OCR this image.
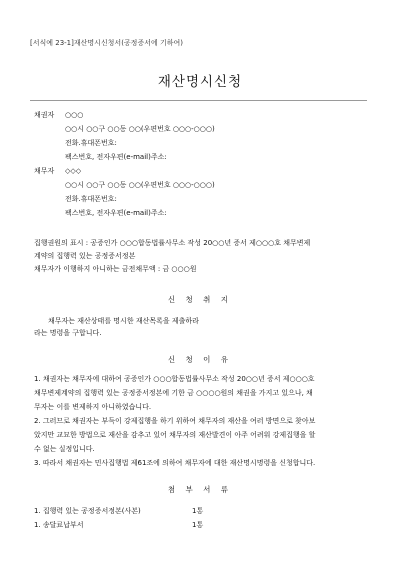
[서식예 23-1]재산명시신청서(공정증서에 기하여)
재산명시신청
채권자 ○○○
○○시 ○○구 ○○동 ○○(우편번호 ○○○-○○○)
전화.휴대폰번호:
팩스번호, 전자우편(e-mail)주소:
채무자 ◇◇◇
○○시 ○○구 ○○동 ○○(우편번호 ○○○-○○○)
전화.휴대폰번호:
팩스번호, 전자우편(e-mail)주소:
집행권원의 표시 : 공증인가 ○○○합동법률사무소 작성 20○○년 증서 제○○○호 채무변제
계약의 집행력 있는 공정증서정본
채무자가 이행하지 아니하는 금전채무액 : 금 ○○○원
신 청 취 지
채무자는 재산상태를 명시한 재산목록을 제출하라
라는 명령을 구합니다.
신 청 이 유
1. 채권자는 채무자에 대하여 공증인가 ○○○합동법률사무소 작성 20○○년 증서 제○○○호
채무변제계약의 집행력 있는 공정증서정본에 기한 금 ○○○○원의 채권을 가지고 있으나, 채
무자는 이를 변제하지 아니하였습니다.
2. 그러므로 채권자는 부득이 강제집행을 하기 위하여 채무자의 재산을 여러 방면으로 찾아보
았지만 교묘한 방법으로 재산을 감추고 있어 채무자의 재산발견이 아주 어려워 강제집행을 할
수 없는 실정입니다.
3. 따라서 채권자는 민사집행법 제61조에 의하여 채무자에 대한 재산명시명령을 신청합니다.
첨 부 서 류
1. 집행력 있는 공정증서정본(사본)	1통
1. 송달료납부서	1통
